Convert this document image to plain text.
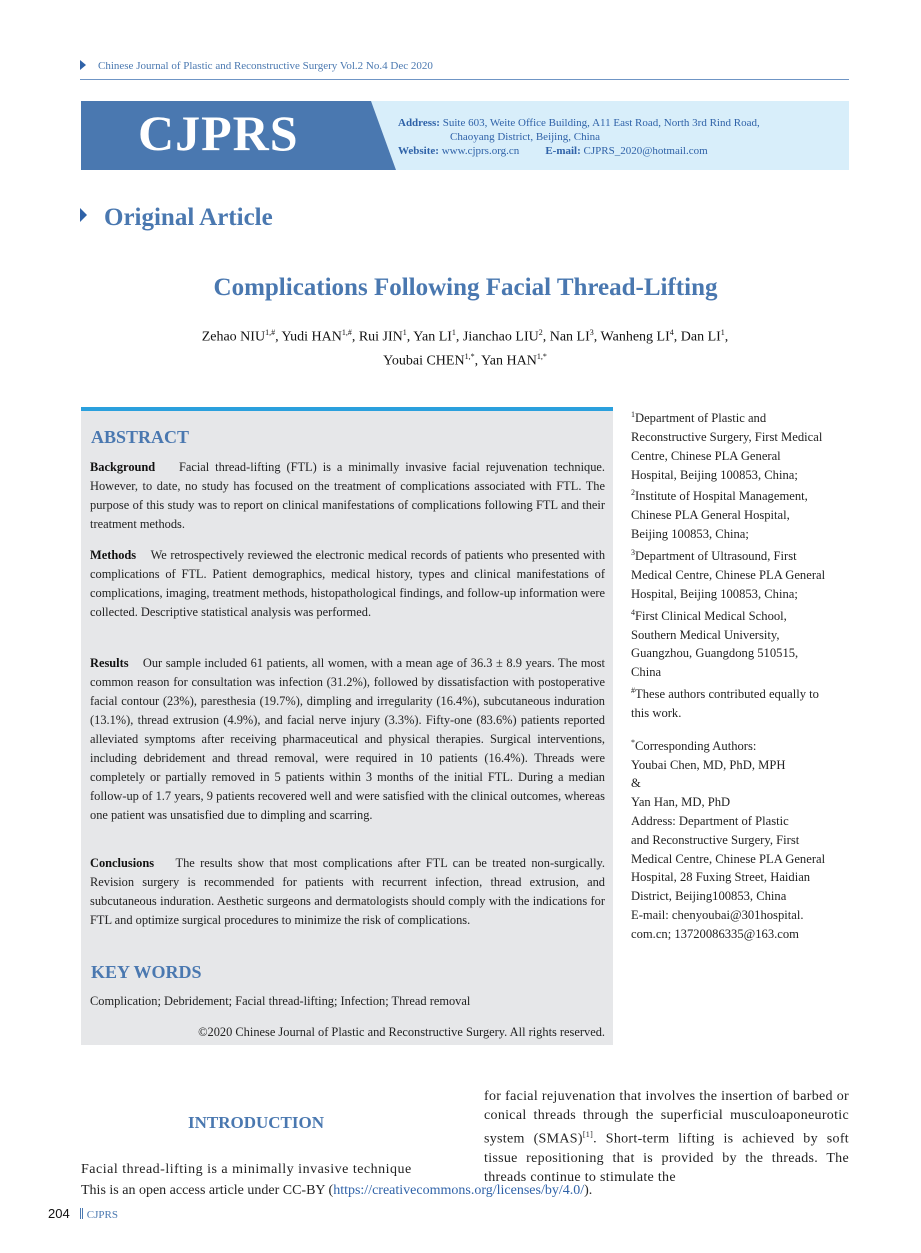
Chinese Journal of Plastic and Reconstructive Surgery Vol.2 No.4 Dec 2020
CJPRS	Address: Suite 603, Weite Office Building, A11 East Road, North 3rd Rind Road,
Chaoyang District, Beijing, China
Website: www.cjprs.org.cn E-mail: CJPRS_2020@hotmail.com
Original Article
Complications Following Facial Thread-Lifting
Zehao $NIU^{1,\#}$, Yudi $HAN^{1,\#}$, Rui JIN$^1$, Yan $LI^1$, Jianchao LIU$^2$, Nan $LI^3$, Wanheng $LI^4$, Dan $LI^1$,
Youbai $CHEN^{1,*}$, Yan $HAN^{1,*}$
ABSTRACT
Background Facial thread-lifting (FTL) is a minimally invasive facial rejuvenation technique. However, to date, no study has focused on the treatment of complications associated with FTL. The purpose of this study was to report on clinical manifestations of complications following FTL and their treatment methods.
Methods We retrospectively reviewed the electronic medical records of patients who presented with complications of FTL. Patient demographics, medical history, types and clinical manifestations of complications, imaging, treatment methods, histopathological findings, and follow-up information were collected. Descriptive statistical analysis was performed.
Results Our sample included 61 patients, all women, with a mean age of 36.3 ± 8.9 years. The most common reason for consultation was infection (31.2%), followed by dissatisfaction with postoperative facial contour (23%), paresthesia (19.7%), dimpling and irregularity (16.4%), subcutaneous induration (13.1%), thread extrusion (4.9%), and facial nerve injury (3.3%). Fifty-one (83.6%) patients reported alleviated symptoms after receiving pharmaceutical and physical therapies. Surgical interventions, including debridement and thread removal, were required in 10 patients (16.4%). Threads were completely or partially removed in 5 patients within 3 months of the initial FTL. During a median follow-up of 1.7 years, 9 patients recovered well and were satisfied with the clinical outcomes, whereas one patient was unsatisfied due to dimpling and scarring.
Conclusions The results show that most complications after FTL can be treated non-surgically. Revision surgery is recommended for patients with recurrent infection, thread extrusion, and subcutaneous induration. Aesthetic surgeons and dermatologists should comply with the indications for FTL and optimize surgical procedures to minimize the risk of complications.
KEY WORDS
Complication; Debridement; Facial thread-lifting; Infection; Thread removal
©2020 Chinese Journal of Plastic and Reconstructive Surgery. All rights reserved.
$^1$Department of Plastic and
Reconstructive Surgery, First Medical
Centre, Chinese PLA General
Hospital, Beijing 100853, China;
$^2$Institute of Hospital Management,
Chinese PLA General Hospital,
Beijing 100853, China;
$^3$Department of Ultrasound, First
Medical Centre, Chinese PLA General
Hospital, Beijing 100853, China;
$^4$First Clinical Medical School,
Southern Medical University,
Guangzhou, Guangdong 510515,
China
#These authors contributed equally to
this work.
*Corresponding Authors:
Youbai Chen, MD, PhD, MPH
&
Yan Han, MD, PhD
Address: Department of Plastic
and Reconstructive Surgery, First
Medical Centre, Chinese PLA General
Hospital, 28 Fuxing Street, Haidian
District, Beijing100853, China
E-mail: chenyoubai@301hospital.
com.cn; 13720086335@163.com
INTRODUCTION
Facial thread-lifting is a minimally invasive technique
for facial rejuvenation that involves the insertion of barbed or conical threads through the superficial musculoaponeurotic system (SMAS)[1]. Short-term lifting is achieved by soft tissue repositioning that is provided by the threads. The threads continue to stimulate the
This is an open access article under CC-BY (https://creativecommons.org/licenses/by/4.0/).
204	CJPRS
